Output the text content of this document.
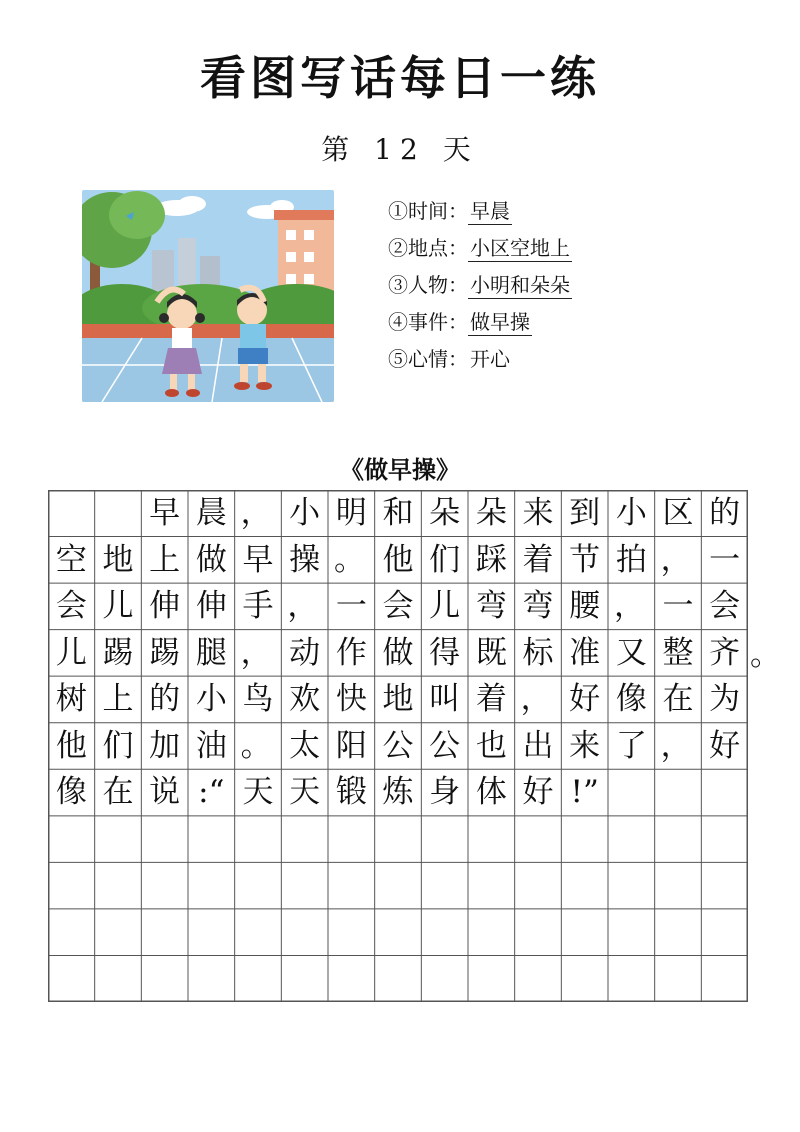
看图写话每日一练
第 12 天
①时间： 早晨
②地点： 小区空地上
③人物： 小明和朵朵
④事件： 做早操
⑤心情： 开心
《做早操》
早 晨 ， 小 明 和 朵 朵 来 到 小 区 的
空 地 上 做 早 操 。 他 们 踩 着 节 拍 ， 一
会 儿 伸 伸 手 ， 一 会 儿 弯 弯 腰 ， 一 会
儿 踢 踢 腿 ， 动 作 做 得 既 标 准 又 整 齐
树 上 的 小 鸟 欢 快 地 叫 着 ， 好 像 在 为
他 们 加 油 。 太 阳 公 公 也 出 来 了 ， 好
像 在 说 :“ 天 天 锻 炼 身 体 好 !”
。
